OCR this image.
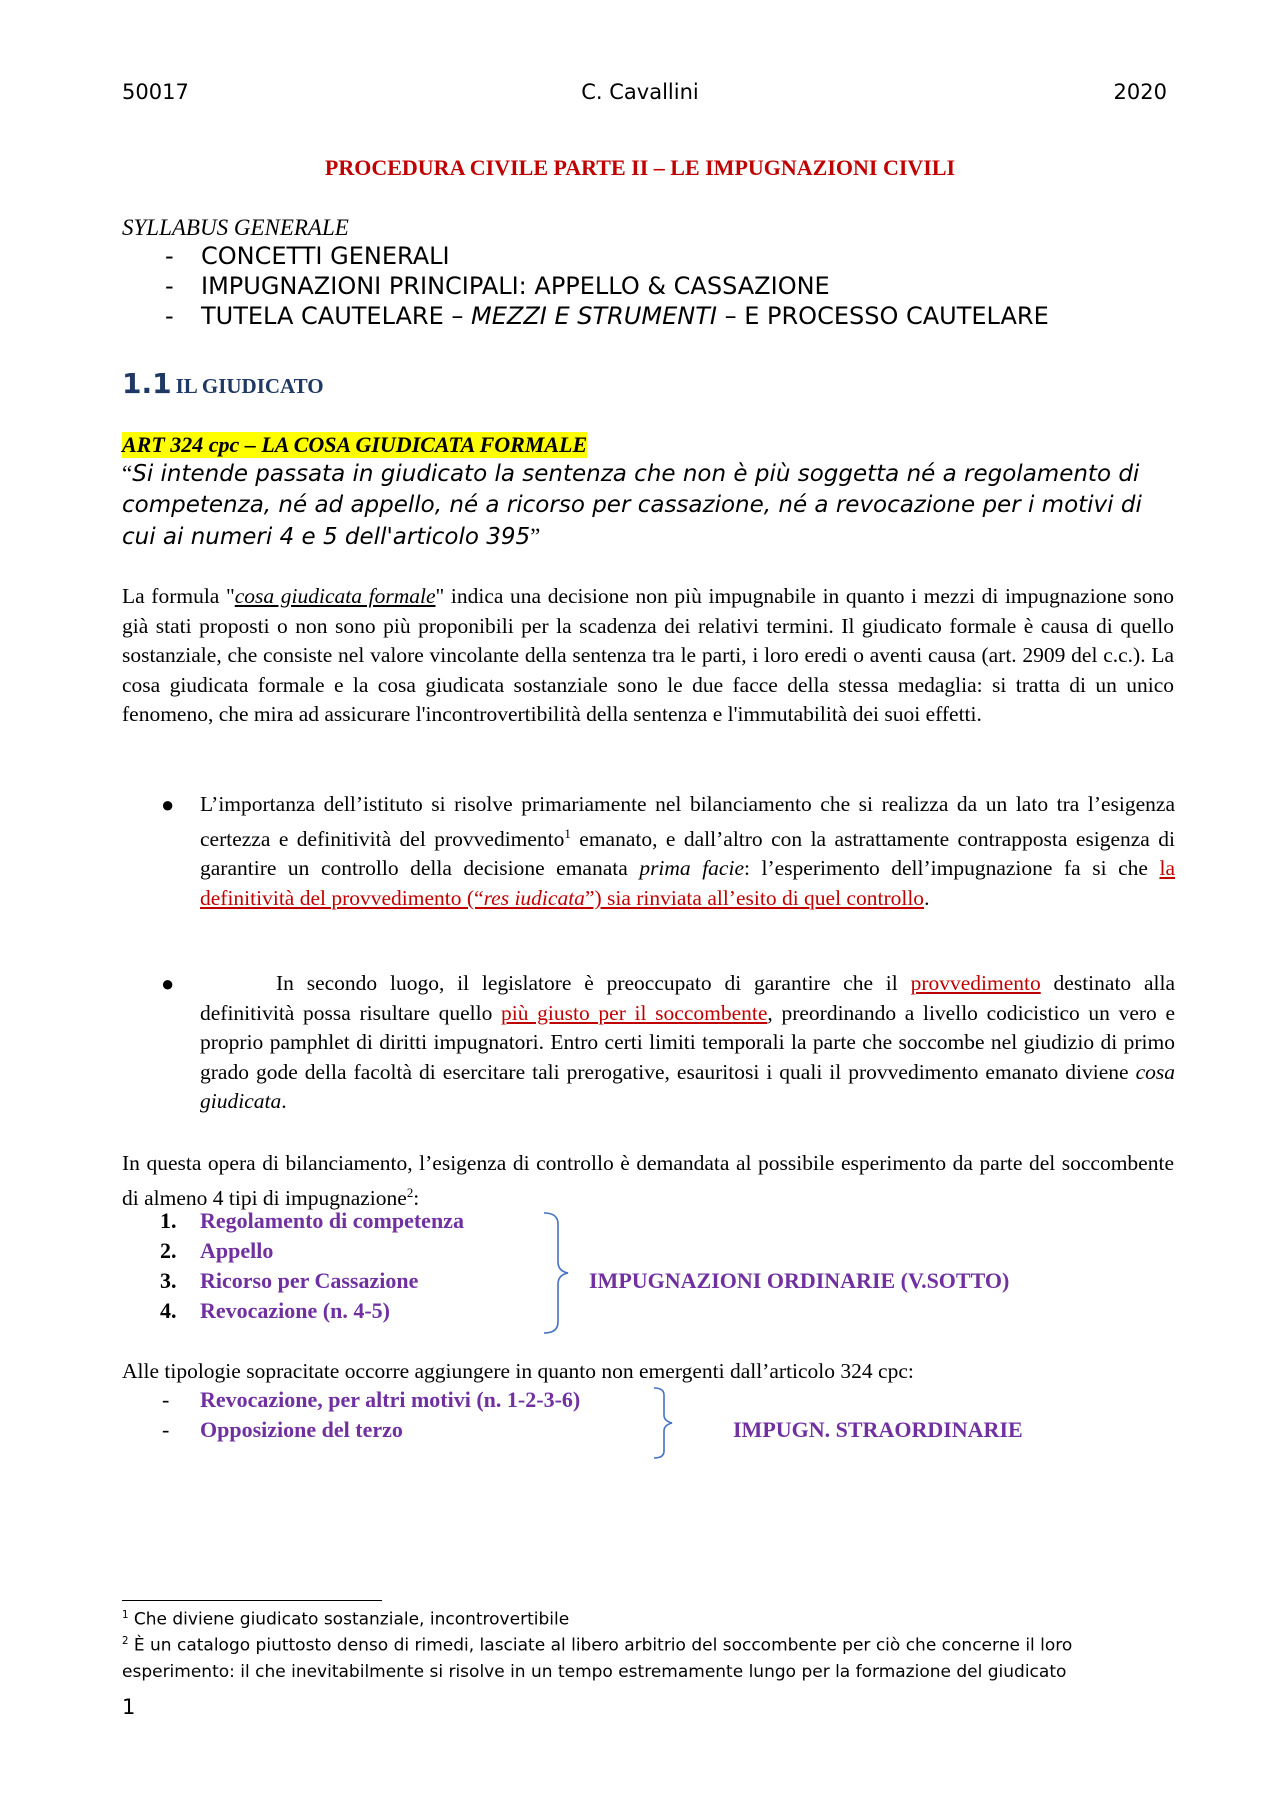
50017	C. Cavallini	2020
PROCEDURA CIVILE PARTE II – LE IMPUGNAZIONI CIVILI
SYLLABUS GENERALE
- CONCETTI GENERALI
- IMPUGNAZIONI PRINCIPALI: APPELLO & CASSAZIONE
- TUTELA CAUTELARE – MEZZI E STRUMENTI – E PROCESSO CAUTELARE
1.1 IL GIUDICATO
ART 324 cpc – LA COSA GIUDICATA FORMALE
“Si intende passata in giudicato la sentenza che non è più soggetta né a regolamento di competenza, né ad appello, né a ricorso per cassazione, né a revocazione per i motivi di cui ai numeri 4 e 5 dell'articolo 395”
La formula "cosa giudicata formale" indica una decisione non più impugnabile in quanto i mezzi di impugnazione sono già stati proposti o non sono più proponibili per la scadenza dei relativi termini. Il giudicato formale è causa di quello sostanziale, che consiste nel valore vincolante della sentenza tra le parti, i loro eredi o aventi causa (art. 2909 del c.c.). La cosa giudicata formale e la cosa giudicata sostanziale sono le due facce della stessa medaglia: si tratta di un unico fenomeno, che mira ad assicurare l'incontrovertibilità della sentenza e l'immutabilità dei suoi effetti.
● L’importanza dell’istituto si risolve primariamente nel bilanciamento che si realizza da un lato tra l’esigenza certezza e definitività del provvedimento$^1$ emanato, e dall’altro con la astrattamente contrapposta esigenza di garantire un controllo della decisione emanata prima facie: l’esperimento dell’impugnazione fa si che la definitività del provvedimento (“res iudicata”) sia rinviata all’esito di quel controllo.
●	In secondo luogo, il legislatore è preoccupato di garantire che il provvedimento destinato alla definitività possa risultare quello più giusto per il soccombente, preordinando a livello codicistico un vero e proprio pamphlet di diritti impugnatori. Entro certi limiti temporali la parte che soccombe nel giudizio di primo grado gode della facoltà di esercitare tali prerogative, esauritosi i quali il provvedimento emanato diviene cosa giudicata.
In questa opera di bilanciamento, l’esigenza di controllo è demandata al possibile esperimento da parte del soccombente di almeno 4 tipi di impugnazione$^2$:
1. Regolamento di competenza
2. Appello
3. Ricorso per Cassazione
4. Revocazione (n. 4-5)
IMPUGNAZIONI ORDINARIE (V.SOTTO)
Alle tipologie sopracitate occorre aggiungere in quanto non emergenti dall’articolo 324 cpc:
- Revocazione, per altri motivi (n. 1-2-3-6)
- Opposizione del terzo	IMPUGN. STRAORDINARIE
$^1$ Che diviene giudicato sostanziale, incontrovertibile
$^2$ È un catalogo piuttosto denso di rimedi, lasciate al libero arbitrio del soccombente per ciò che concerne il loro esperimento: il che inevitabilmente si risolve in un tempo estremamente lungo per la formazione del giudicato
1
